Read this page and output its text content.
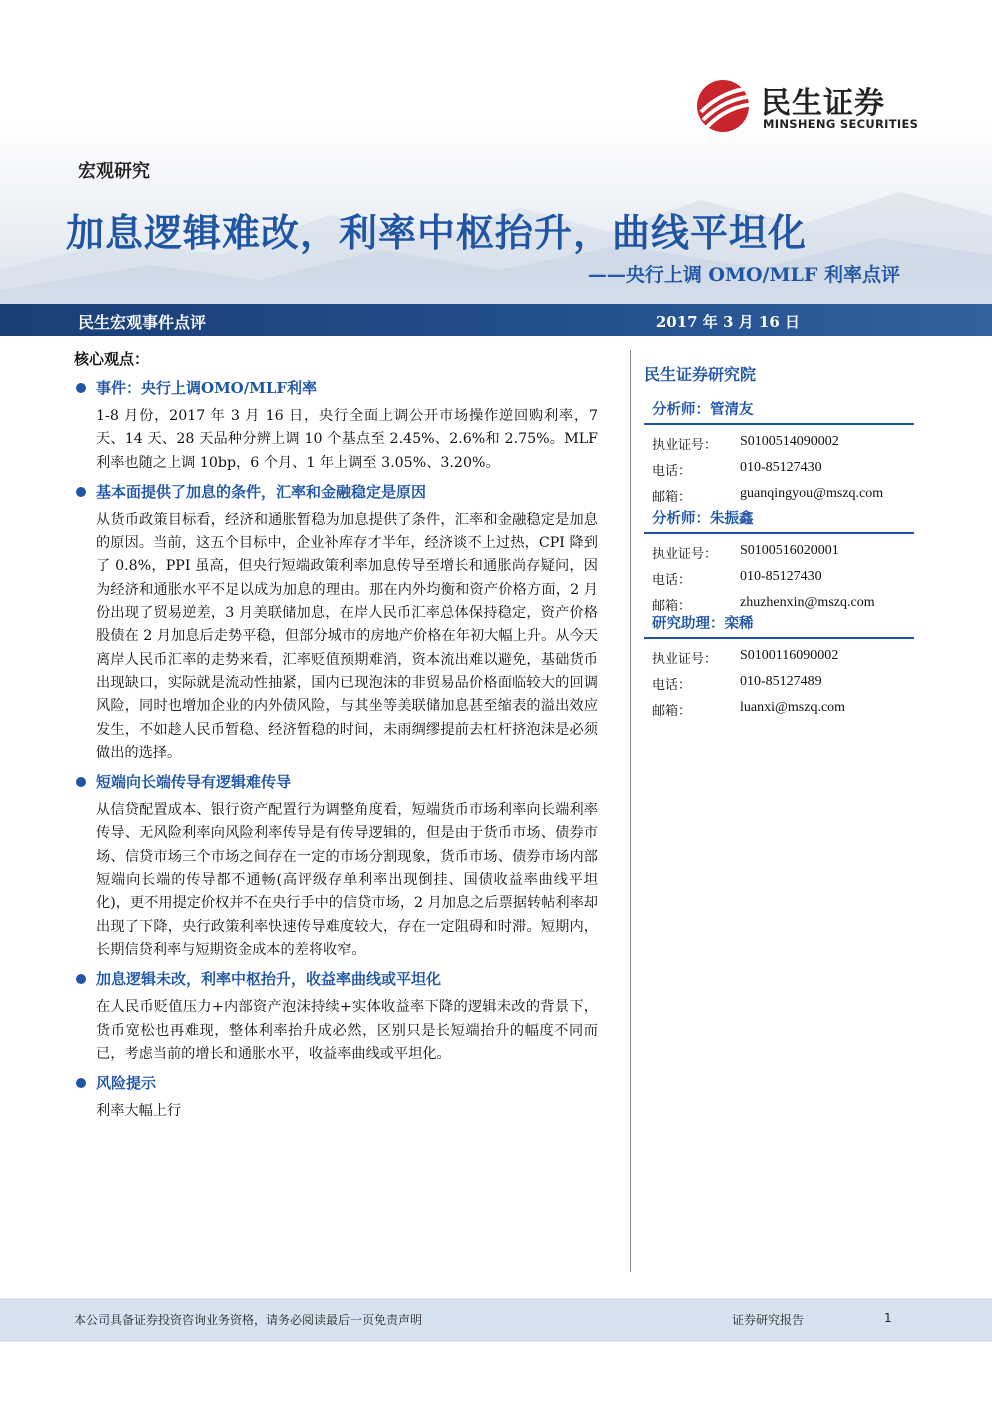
民生证券
MINSHENG SECURITIES
宏观研究
加息逻辑难改，利率中枢抬升，曲线平坦化
——央行上调 OMO/MLF 利率点评
民生宏观事件点评	2017 年 3 月 16 日
核心观点：
事件：央行上调OMO/MLF利率

1-8 月份，2017 年 3 月 16 日，央行全面上调公开市场操作逆回购利率，7 天、14 天、28 天品种分辨上调 10 个基点至 2.45%、2.6%和 2.75%。MLF 利率也随之上调 10bp，6 个月、1 年上调至 3.05%、3.20%。

基本面提供了加息的条件，汇率和金融稳定是原因

从货币政策目标看，经济和通胀暂稳为加息提供了条件，汇率和金融稳定是加息的原因。当前，这五个目标中，企业补库存才半年，经济谈不上过热，CPI 降到了 0.8%，PPI 虽高，但央行短端政策利率加息传导至增长和通胀尚存疑问，因为经济和通胀水平不足以成为加息的理由。那在内外均衡和资产价格方面，2 月份出现了贸易逆差，3 月美联储加息，在岸人民币汇率总体保持稳定，资产价格股债在 2 月加息后走势平稳，但部分城市的房地产价格在年初大幅上升。从今天离岸人民币汇率的走势来看，汇率贬值预期难消，资本流出难以避免，基础货币出现缺口，实际就是流动性抽紧，国内已现泡沫的非贸易品价格面临较大的回调风险，同时也增加企业的内外债风险，与其坐等美联储加息甚至缩表的溢出效应发生，不如趁人民币暂稳、经济暂稳的时间，未雨绸缪提前去杠杆挤泡沫是必须做出的选择。

短端向长端传导有逻辑难传导

从信贷配置成本、银行资产配置行为调整角度看，短端货币市场利率向长端利率传导、无风险利率向风险利率传导是有传导逻辑的，但是由于货币市场、债券市场、信贷市场三个市场之间存在一定的市场分割现象，货币市场、债券市场内部短端向长端的传导都不通畅(高评级存单利率出现倒挂、国债收益率曲线平坦化)，更不用提定价权并不在央行手中的信贷市场，2 月加息之后票据转帖利率却出现了下降，央行政策利率快速传导难度较大，存在一定阻碍和时滞。短期内，长期信贷利率与短期资金成本的差将收窄。

加息逻辑未改，利率中枢抬升，收益率曲线或平坦化

在人民币贬值压力+内部资产泡沫持续+实体收益率下降的逻辑未改的背景下，货币宽松也再难现，整体利率抬升成必然，区别只是长短端抬升的幅度不同而已，考虑当前的增长和通胀水平，收益率曲线或平坦化。

风险提示

利率大幅上行

民生证券研究院
分析师：管清友
执业证号： S0100514090002
电话：	010-85127430
邮箱：	guanqingyou@mszq.com
分析师：朱振鑫
执业证号： S0100516020001
电话：	010-85127430
邮箱：	zhuzhenxin@mszq.com
研究助理：栾稀
执业证号： S0100116090002
电话：	010-85127489
邮箱：	luanxi@mszq.com
本公司具备证券投资咨询业务资格，请务必阅读最后一页免责声明	证券研究报告	1
